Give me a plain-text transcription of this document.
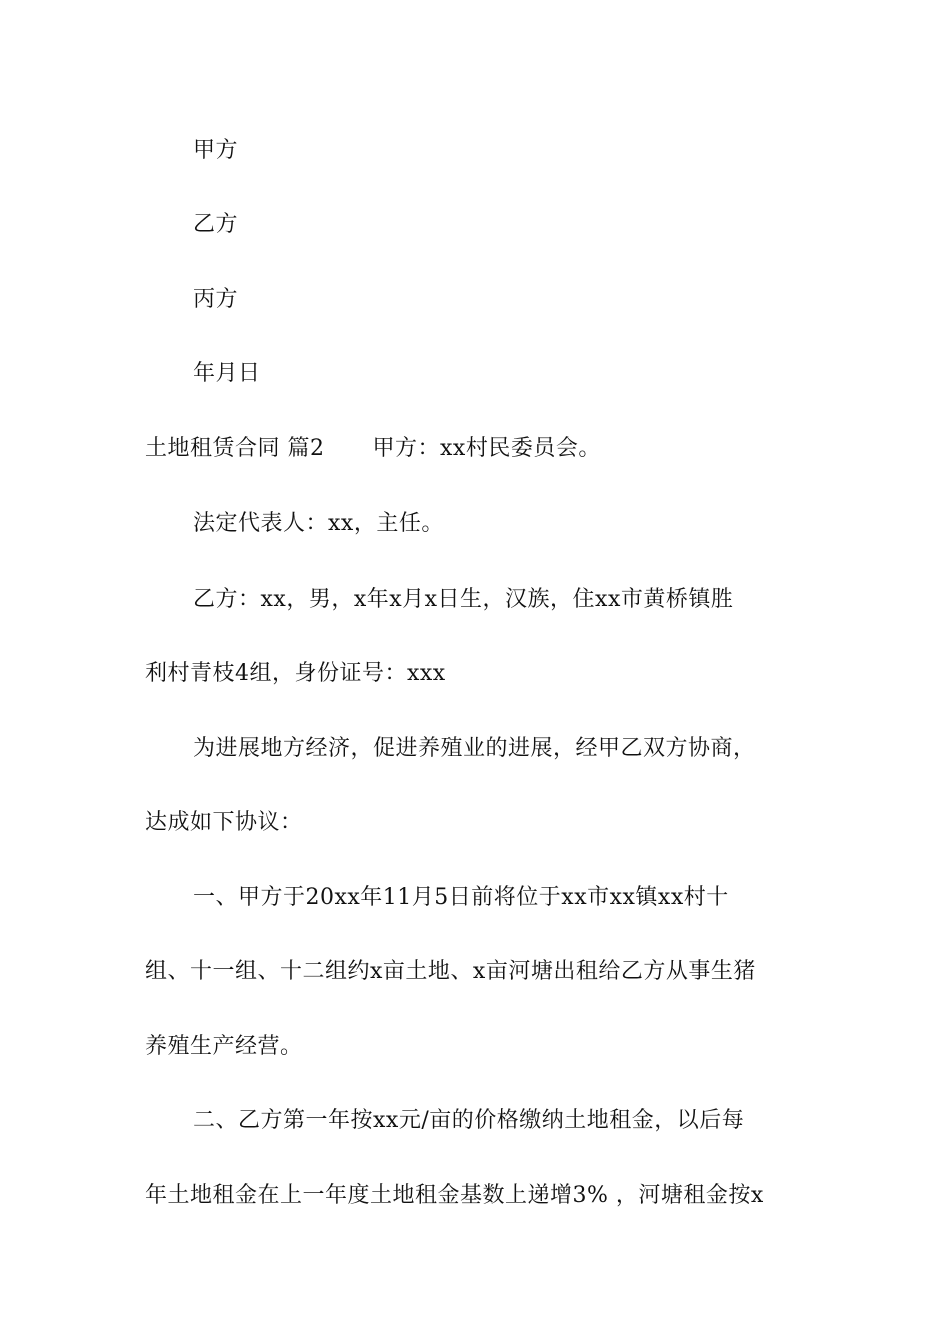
甲方
乙方
丙方
年月日
土地租赁合同 篇2 甲方：xx村民委员会。
法定代表人：xx，主任。
乙方：xx，男，x年x月x日生，汉族，住xx市黄桥镇胜
利村青枝4组，身份证号：xxx
为进展地方经济，促进养殖业的进展，经甲乙双方协商，
达成如下协议：
一、甲方于20xx年11月5日前将位于xx市xx镇xx村十
组、十一组、十二组约x亩土地、x亩河塘出租给乙方从事生猪
养殖生产经营。
二、乙方第一年按xx元/亩的价格缴纳土地租金，以后每
年土地租金在上一年度土地租金基数上递增3% ，河塘租金按x
